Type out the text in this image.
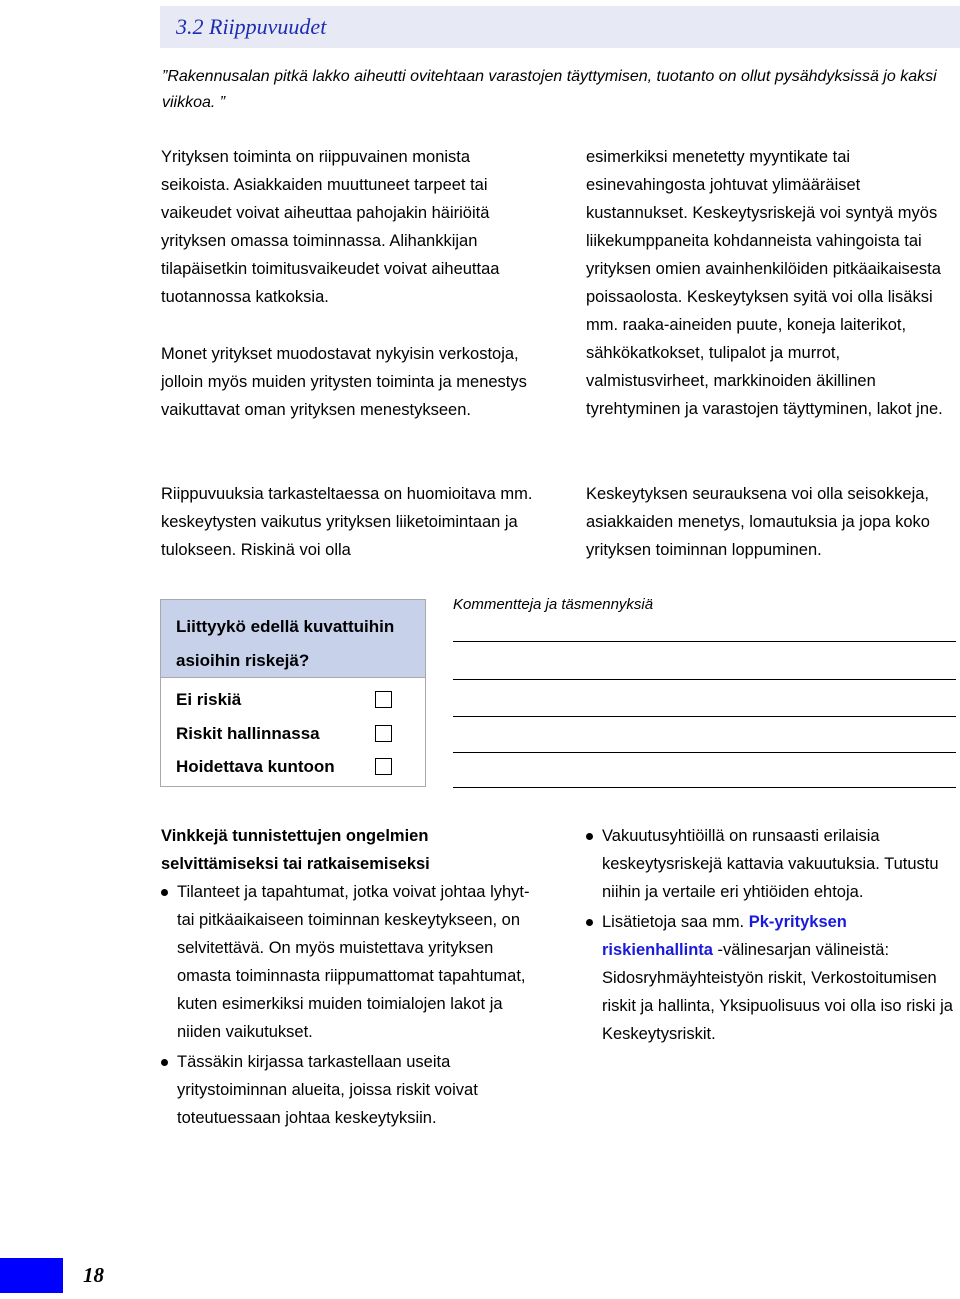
3.2 Riippuvuudet
”Rakennusalan pitkä lakko aiheutti ovitehtaan varastojen täyttymisen, tuotanto on ollut pysähdyksissä jo kaksi viikkoa. ”

Yrityksen toiminta on riippuvainen monista seikoista. Asiakkaiden muuttuneet tarpeet tai vaikeudet voivat aiheuttaa pahojakin häiriöitä yrityksen omassa toiminnassa. Alihankkijan tilapäisetkin toimitusvaikeudet voivat aiheuttaa tuotannossa katkoksia.

Monet yritykset muodostavat nykyisin verkostoja, jolloin myös muiden yritysten toiminta ja menestys vaikuttavat oman yrityksen menestykseen.

Riippuvuuksia tarkasteltaessa on huomioitava mm. keskeytysten vaikutus yrityksen liiketoimintaan ja tulokseen. Riskinä voi olla

esimerkiksi menetetty myyntikate tai esinevahingosta johtuvat ylimääräiset kustannukset. Keskeytysriskejä voi syntyä myös liikekumppaneita kohdanneista vahingoista tai yrityksen omien avainhenkilöiden pitkäaikaisesta poissaolosta. Keskeytyksen syitä voi olla lisäksi mm. raaka-aineiden puute, koneja laiterikot, sähkökatkokset, tulipalot ja murrot, valmistusvirheet, markkinoiden äkillinen tyrehtyminen ja varastojen täyttyminen, lakot jne.

Keskeytyksen seurauksena voi olla seisokkeja, asiakkaiden menetys, lomautuksia ja jopa koko yrityksen toiminnan loppuminen.

Liittyykö edellä kuvattuihin asioihin riskejä?
Ei riskiä
Riskit hallinnassa
Hoidettava kuntoon
Kommentteja ja täsmennyksiä
Vinkkejä tunnistettujen ongelmien selvittämiseksi tai ratkaisemiseksi
Tilanteet ja tapahtumat, jotka voivat johtaa lyhyt- tai pitkäaikaiseen toiminnan keskeytykseen, on selvitettävä. On myös muistettava yrityksen omasta toiminnasta riippumattomat tapahtumat, kuten esimerkiksi muiden toimialojen lakot ja niiden vaikutukset.
Tässäkin kirjassa tarkastellaan useita yritystoiminnan alueita, joissa riskit voivat toteutuessaan johtaa keskeytyksiin.
Vakuutusyhtiöillä on runsaasti erilaisia keskeytysriskejä kattavia vakuutuksia. Tutustu niihin ja vertaile eri yhtiöiden ehtoja.
Lisätietoja saa mm. Pk-yrityksen riskienhallinta -välinesarjan välineistä: Sidosryhmäyhteistyön riskit, Verkostoitumisen riskit ja hallinta, Yksipuolisuus voi olla iso riski ja Keskeytysriskit.
18
